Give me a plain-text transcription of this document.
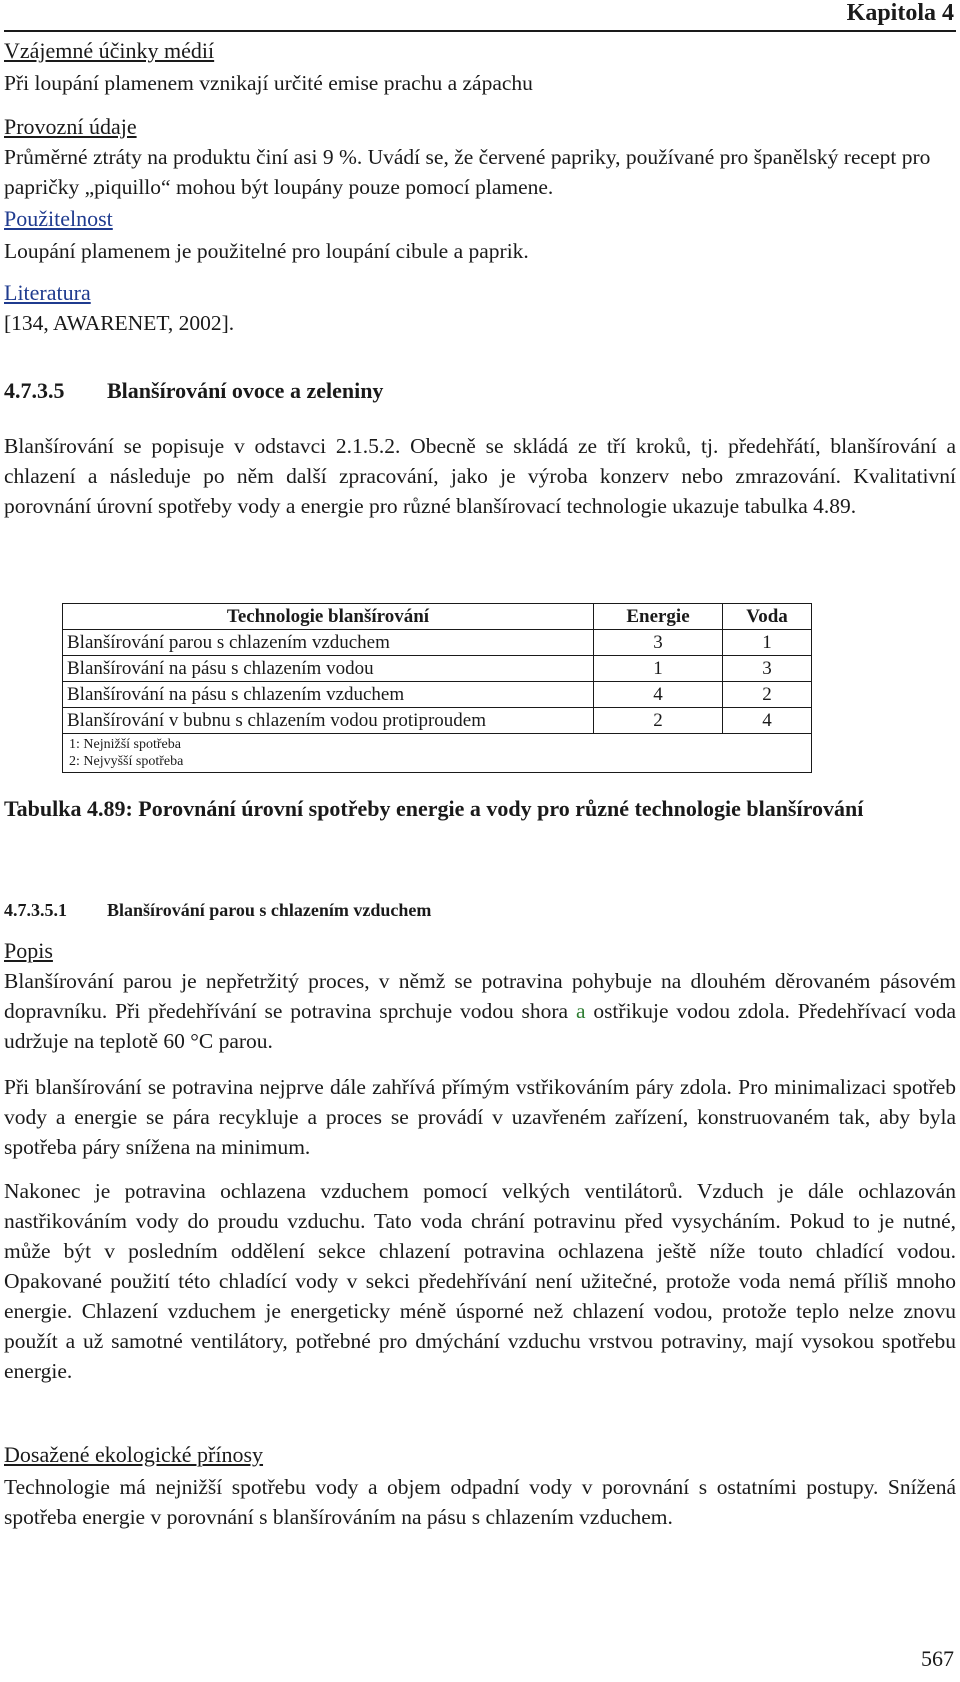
Kapitola 4
Vzájemné účinky médií
Při loupání plamenem vznikají určité emise prachu a zápachu
Provozní údaje
Průměrné ztráty na produktu činí asi 9 %. Uvádí se, že červené papriky, používané pro španělský recept pro papričky „piquillo“ mohou být loupány pouze pomocí plamene.
Použitelnost
Loupání plamenem je použitelné pro loupání cibule a paprik.
Literatura
[134, AWARENET, 2002].
4.7.3.5 Blanšírování ovoce a zeleniny
Blanšírování se popisuje v odstavci 2.1.5.2. Obecně se skládá ze tří kroků, tj. předehřátí, blanšírování a chlazení a následuje po něm další zpracování, jako je výroba konzerv nebo zmrazování. Kvalitativní porovnání úrovní spotřeby vody a energie pro různé blanšírovací technologie ukazuje tabulka 4.89.
Technologie blanšírování	Energie	Voda
Blanšírování parou s chlazením vzduchem	3	1
Blanšírování na pásu s chlazením vodou	1	3
Blanšírování na pásu s chlazením vzduchem	4	2
Blanšírování v bubnu s chlazením vodou protiproudem	2	4

1: Nejnižší spotřeba
2: Nejvyšší spotřeba		
Tabulka 4.89: Porovnání úrovní spotřeby energie a vody pro různé technologie blanšírování
4.7.3.5.1 Blanšírování parou s chlazením vzduchem
Popis
Blanšírování parou je nepřetržitý proces, v němž se potravina pohybuje na dlouhém děrovaném pásovém dopravníku. Při předehřívání se potravina sprchuje vodou shora a ostřikuje vodou zdola. Předehřívací voda udržuje na teplotě 60 °C parou.
Při blanšírování se potravina nejprve dále zahřívá přímým vstřikováním páry zdola. Pro minimalizaci spotřeb vody a energie se pára recykluje a proces se provádí v uzavřeném zařízení, konstruovaném tak, aby byla spotřeba páry snížena na minimum.
Nakonec je potravina ochlazena vzduchem pomocí velkých ventilátorů. Vzduch je dále ochlazován nastřikováním vody do proudu vzduchu. Tato voda chrání potravinu před vysycháním. Pokud to je nutné, může být v posledním oddělení sekce chlazení potravina ochlazena ještě níže touto chladící vodou. Opakované použití této chladící vody v sekci předehřívání není užitečné, protože voda nemá příliš mnoho energie. Chlazení vzduchem je energeticky méně úsporné než chlazení vodou, protože teplo nelze znovu použít a už samotné ventilátory, potřebné pro dmýchání vzduchu vrstvou potraviny, mají vysokou spotřebu energie.
Dosažené ekologické přínosy
Technologie má nejnižší spotřebu vody a objem odpadní vody v porovnání s ostatními postupy. Snížená spotřeba energie v porovnání s blanšírováním na pásu s chlazením vzduchem.
567
